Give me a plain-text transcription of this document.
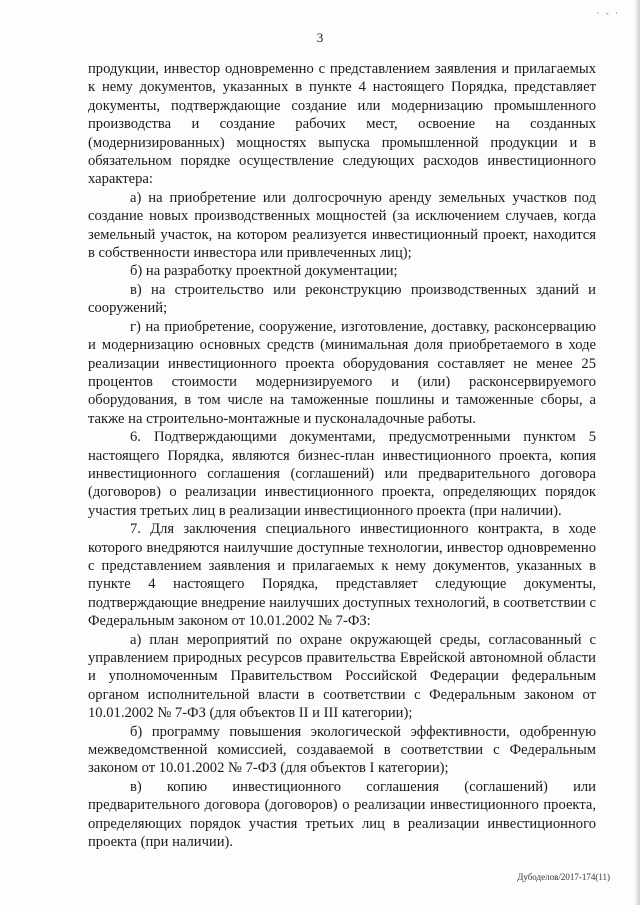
· - ·
3

продукции, инвестор одновременно с представлением заявления и прилагаемых к нему документов, указанных в пункте 4 настоящего Порядка, представляет документы, подтверждающие создание или модернизацию промышленного производства и создание рабочих мест, освоение на созданных (модернизированных) мощностях выпуска промышленной продукции и в обязательном порядке осуществление следующих расходов инвестиционного характера:

а) на приобретение или долгосрочную аренду земельных участков под создание новых производственных мощностей (за исключением случаев, когда земельный участок, на котором реализуется инвестиционный проект, находится в собственности инвестора или привлеченных лиц);

б) на разработку проектной документации;

в) на строительство или реконструкцию производственных зданий и сооружений;

г) на приобретение, сооружение, изготовление, доставку, расконсервацию и модернизацию основных средств (минимальная доля приобретаемого в ходе реализации инвестиционного проекта оборудования составляет не менее 25 процентов стоимости модернизируемого и (или) расконсервируемого оборудования, в том числе на таможенные пошлины и таможенные сборы, а также на строительно-монтажные и пусконаладочные работы.

6. Подтверждающими документами, предусмотренными пунктом 5 настоящего Порядка, являются бизнес-план инвестиционного проекта, копия инвестиционного соглашения (соглашений) или предварительного договора (договоров) о реализации инвестиционного проекта, определяющих порядок участия третьих лиц в реализации инвестиционного проекта (при наличии).

7. Для заключения специального инвестиционного контракта, в ходе которого внедряются наилучшие доступные технологии, инвестор одновременно с представлением заявления и прилагаемых к нему документов, указанных в пункте 4 настоящего Порядка, представляет следующие документы, подтверждающие внедрение наилучших доступных технологий, в соответствии с Федеральным законом от 10.01.2002 № 7-ФЗ:

а) план мероприятий по охране окружающей среды, согласованный с управлением природных ресурсов правительства Еврейской автономной области и уполномоченным Правительством Российской Федерации федеральным органом исполнительной власти в соответствии с Федеральным законом от 10.01.2002 № 7-ФЗ (для объектов II и III категории);

б) программу повышения экологической эффективности, одобренную межведомственной комиссией, создаваемой в соответствии с Федеральным законом от 10.01.2002 № 7-ФЗ (для объектов I категории);

в) копию инвестиционного соглашения (соглашений) или предварительного договора (договоров) о реализации инвестиционного проекта, определяющих порядок участия третьих лиц в реализации инвестиционного проекта (при наличии).

Дубоделов/2017-174(11)
